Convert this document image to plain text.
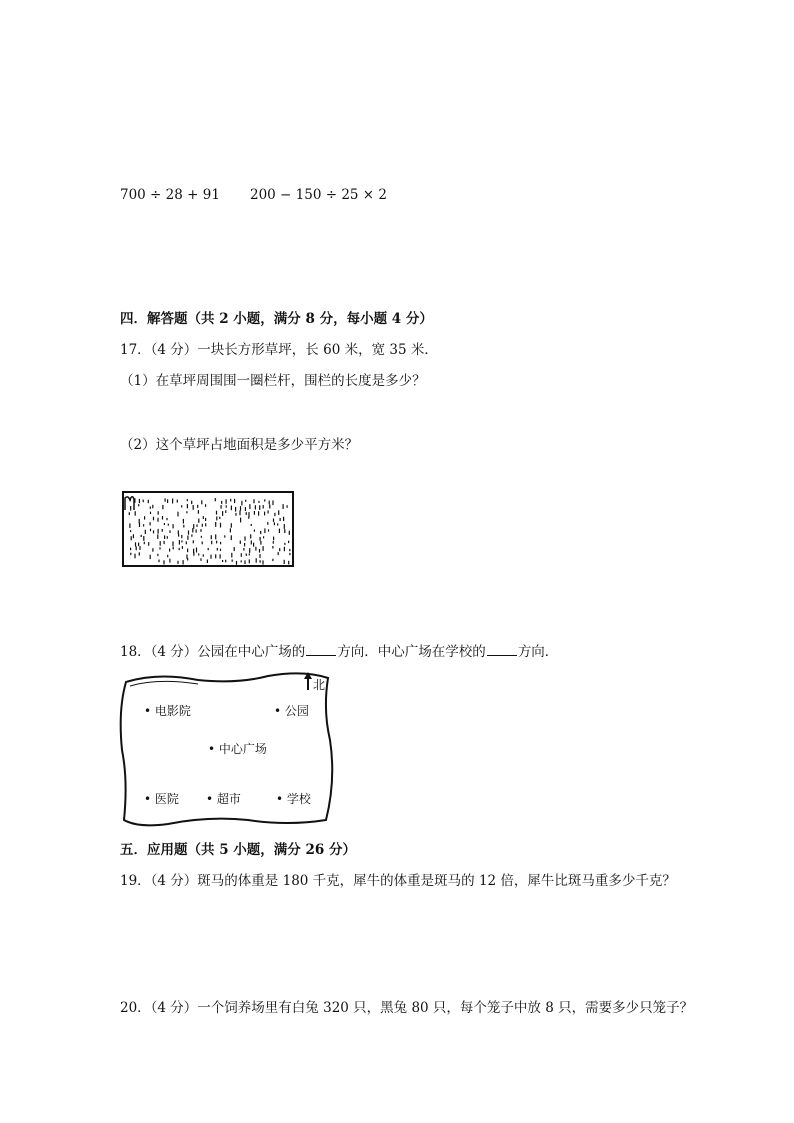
700 ÷ 28 + 91 200 − 150 ÷ 25 × 2
四．解答题（共 2 小题，满分 8 分，每小题 4 分）
17．（4 分）一块长方形草坪，长 60 米，宽 35 米．
（1）在草坪周围围一圈栏杆，围栏的长度是多少？
（2）这个草坪占地面积是多少平方米？
18．（4 分）公园在中心广场的 方向．中心广场在学校的 方向．
北
• 电影院	• 公园
• 中心广场
• 医院 • 超市	• 学校
五．应用题（共 5 小题，满分 26 分）
19．（4 分）斑马的体重是 180 千克，犀牛的体重是斑马的 12 倍，犀牛比斑马重多少千克？
20．（4 分）一个饲养场里有白兔 320 只，黑兔 80 只，每个笼子中放 8 只，需要多少只笼子？
